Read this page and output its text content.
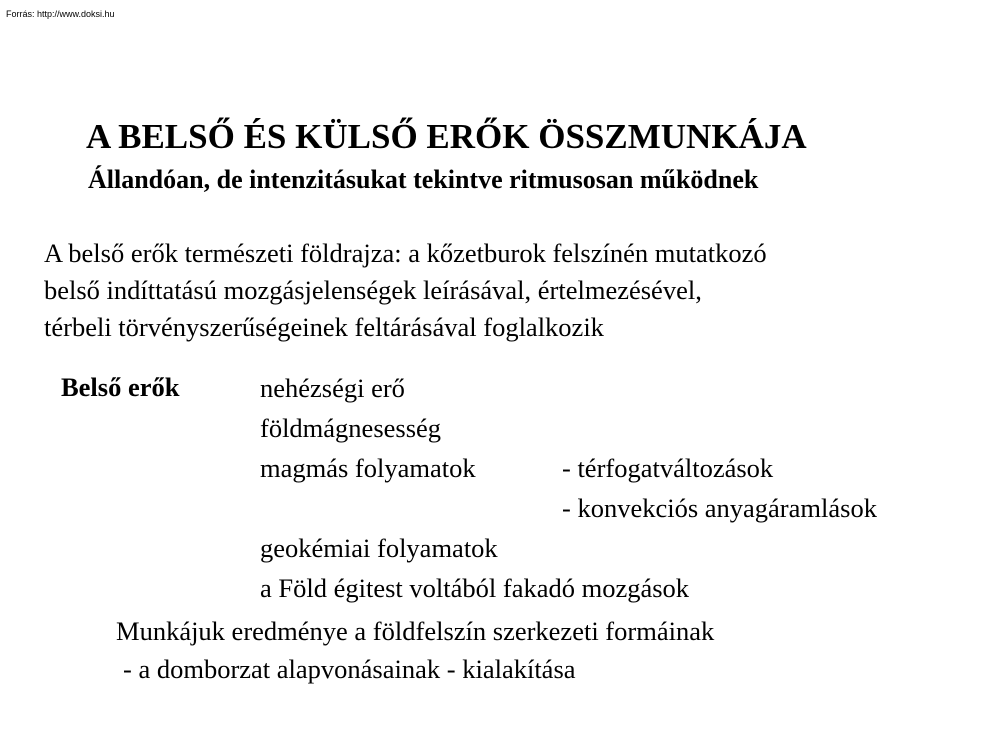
Forrás: http://www.doksi.hu
A BELSŐ ÉS KÜLSŐ ERŐK ÖSSZMUNKÁJA
Állandóan, de intenzitásukat tekintve ritmusosan működnek
A belső erők természeti földrajza: a kőzetburok felszínén mutatkozó
belső indíttatású mozgásjelenségek leírásával, értelmezésével,
térbeli törvényszerűségeinek feltárásával foglalkozik
Belső erők	nehézségi erő
földmágnesesség
magmás folyamatok	- térfogatváltozások
- konvekciós anyagáramlások
geokémiai folyamatok
a Föld égitest voltából fakadó mozgások
Munkájuk eredménye a földfelszín szerkezeti formáinak
- a domborzat alapvonásainak - kialakítása
